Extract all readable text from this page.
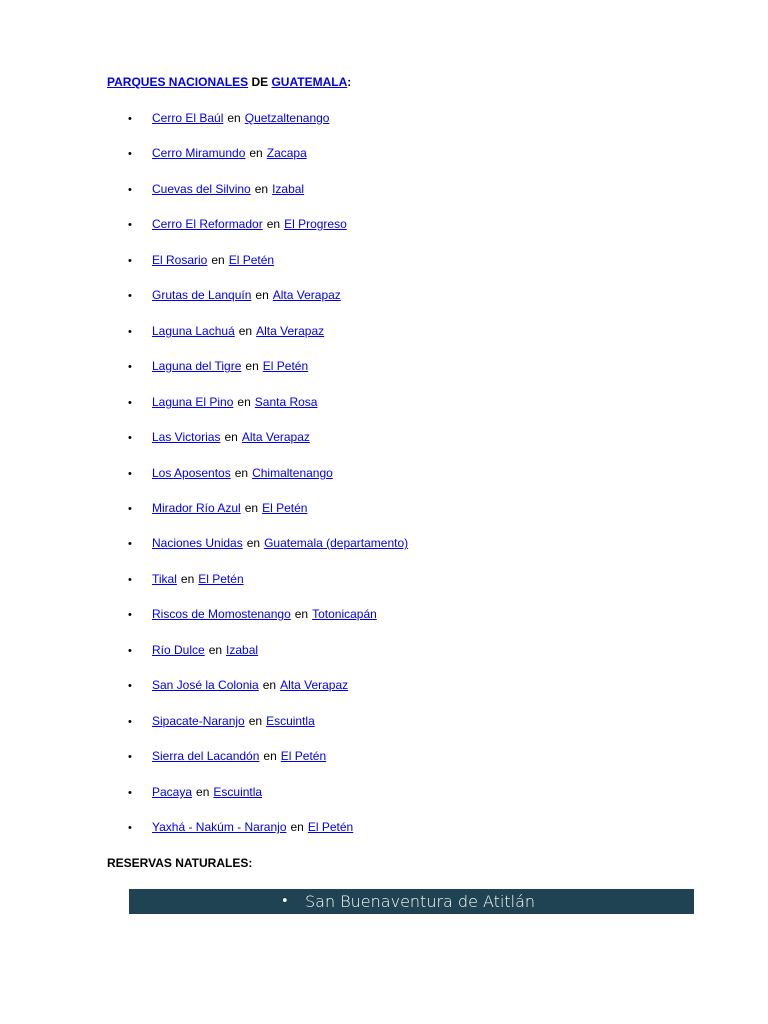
PARQUES NACIONALES DE GUATEMALA:
• Cerro El Baúl en Quetzaltenango
• Cerro Miramundo en Zacapa
• Cuevas del Silvino en Izabal
• Cerro El Reformador en El Progreso
• El Rosario en El Petén
• Grutas de Lanquín en Alta Verapaz
• Laguna Lachuá en Alta Verapaz
• Laguna del Tigre en El Petén
• Laguna El Pino en Santa Rosa
• Las Victorias en Alta Verapaz
• Los Aposentos en Chimaltenango
• Mirador Río Azul en El Petén
• Naciones Unidas en Guatemala (departamento)
• Tikal en El Petén
• Riscos de Momostenango en Totonicapán
• Río Dulce en Izabal
• San José la Colonia en Alta Verapaz
• Sipacate-Naranjo en Escuintla
• Sierra del Lacandón en El Petén
• Pacaya en Escuintla
• Yaxhá - Nakúm - Naranjo en El Petén
RESERVAS NATURALES:
• San Buenaventura de Atitlán
